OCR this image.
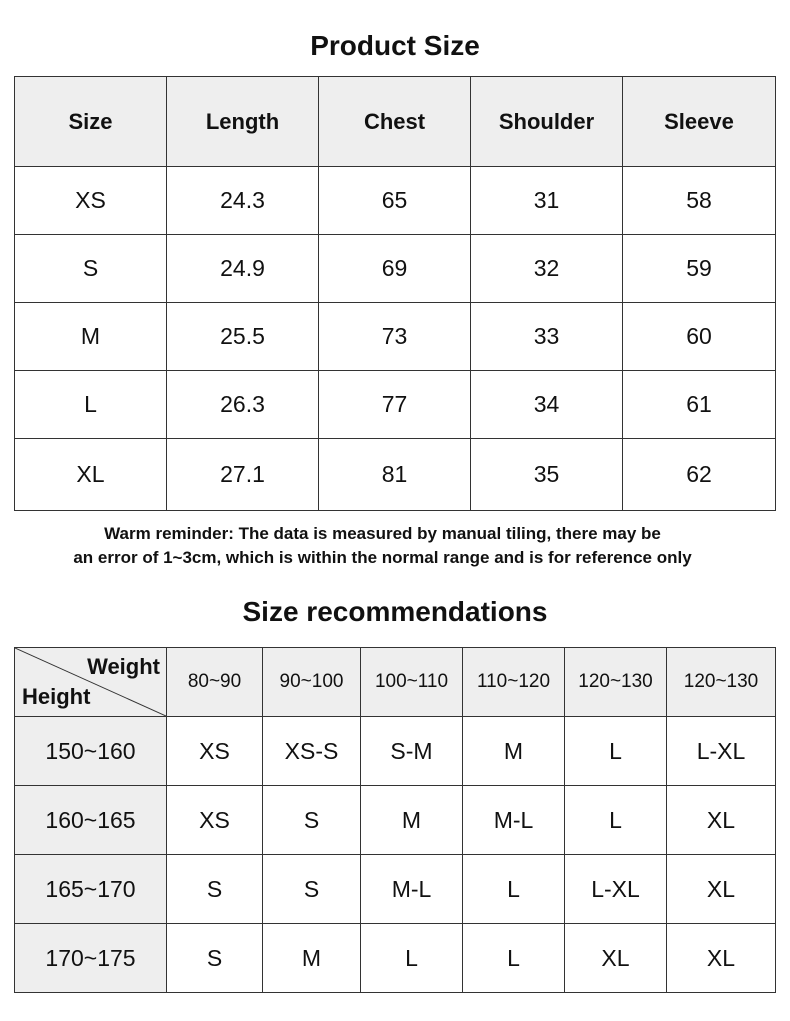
Product Size
Size	Length	Chest	Shoulder	Sleeve
XS	24.3	65	31	58
S	24.9	69	32	59
M	25.5	73	33	60
L	26.3	77	34	61
XL	27.1	81	35	62
Warm reminder: The data is measured by manual tiling, there may be
an error of 1~3cm, which is within the normal range and is for reference only
Size recommendations
Weight
Height	80~90	90~100	100~110	110~120	120~130	120~130
150~160	XS	XS-S	S-M	M	L	L-XL
160~165	XS	S	M	M-L	L	XL
165~170	S	S	M-L	L	L-XL	XL
170~175	S	M	L	L	XL	XL
